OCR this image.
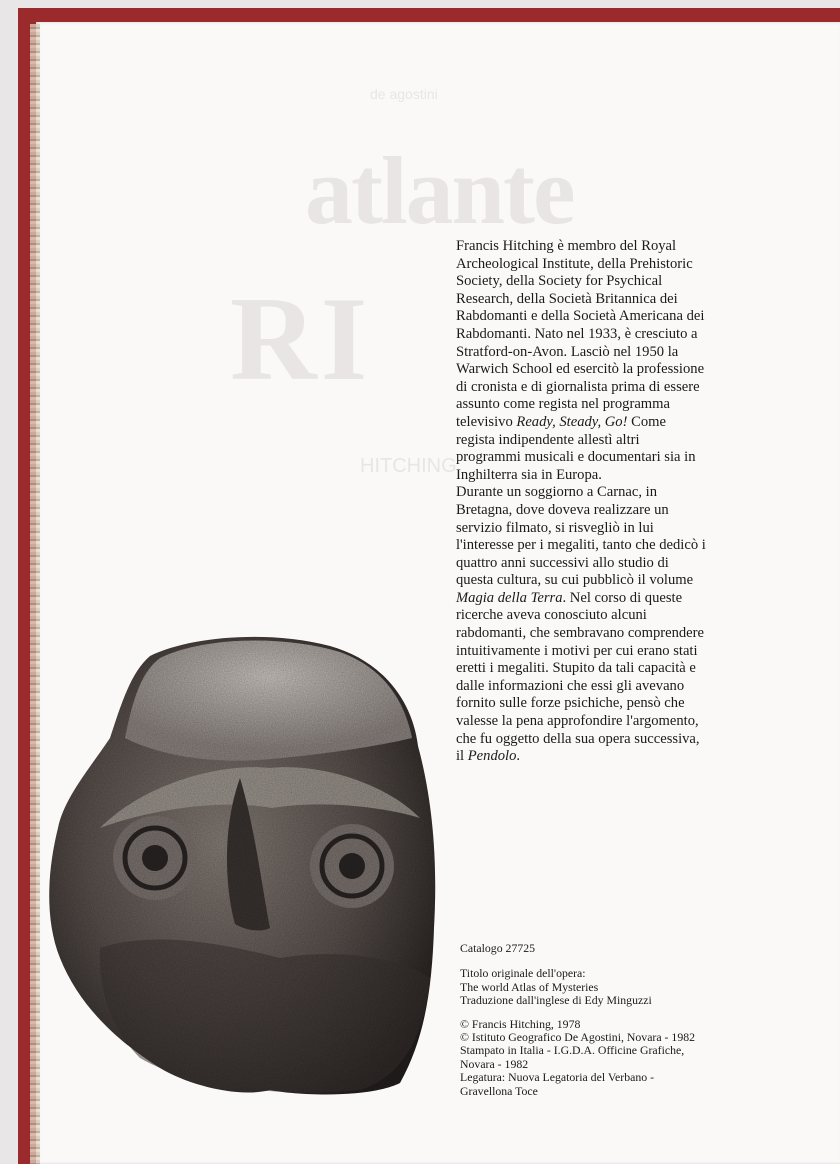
de agostini
atlante
RI
HITCHING

Francis Hitching è membro del Royal Archeological Institute, della Prehistoric Society, della Society for Psychical Research, della Società Britannica dei Rabdomanti e della Società Americana dei Rabdomanti. Nato nel 1933, è cresciuto a Stratford-on-Avon. Lasciò nel 1950 la Warwich School ed esercitò la professione di cronista e di giornalista prima di essere assunto come regista nel programma televisivo Ready, Steady, Go! Come regista indipendente allestì altri programmi musicali e documentari sia in Inghilterra sia in Europa.

Durante un soggiorno a Carnac, in Bretagna, dove doveva realizzare un servizio filmato, si risvegliò in lui l'interesse per i megaliti, tanto che dedicò i quattro anni successivi allo studio di questa cultura, su cui pubblicò il volume Magia della Terra. Nel corso di queste ricerche aveva conosciuto alcuni rabdomanti, che sembravano comprendere intuitivamente i motivi per cui erano stati eretti i megaliti. Stupito da tali capacità e dalle informazioni che essi gli avevano fornito sulle forze psichiche, pensò che valesse la pena approfondire l'argomento, che fu oggetto della sua opera successiva, il Pendolo.

Catalogo 27725
Titolo originale dell'opera:
The world Atlas of Mysteries
Traduzione dall'inglese di Edy Minguzzi
© Francis Hitching, 1978
© Istituto Geografico De Agostini, Novara - 1982
Stampato in Italia - I.G.D.A. Officine Grafiche, Novara - 1982
Legatura: Nuova Legatoria del Verbano - Gravellona Toce
